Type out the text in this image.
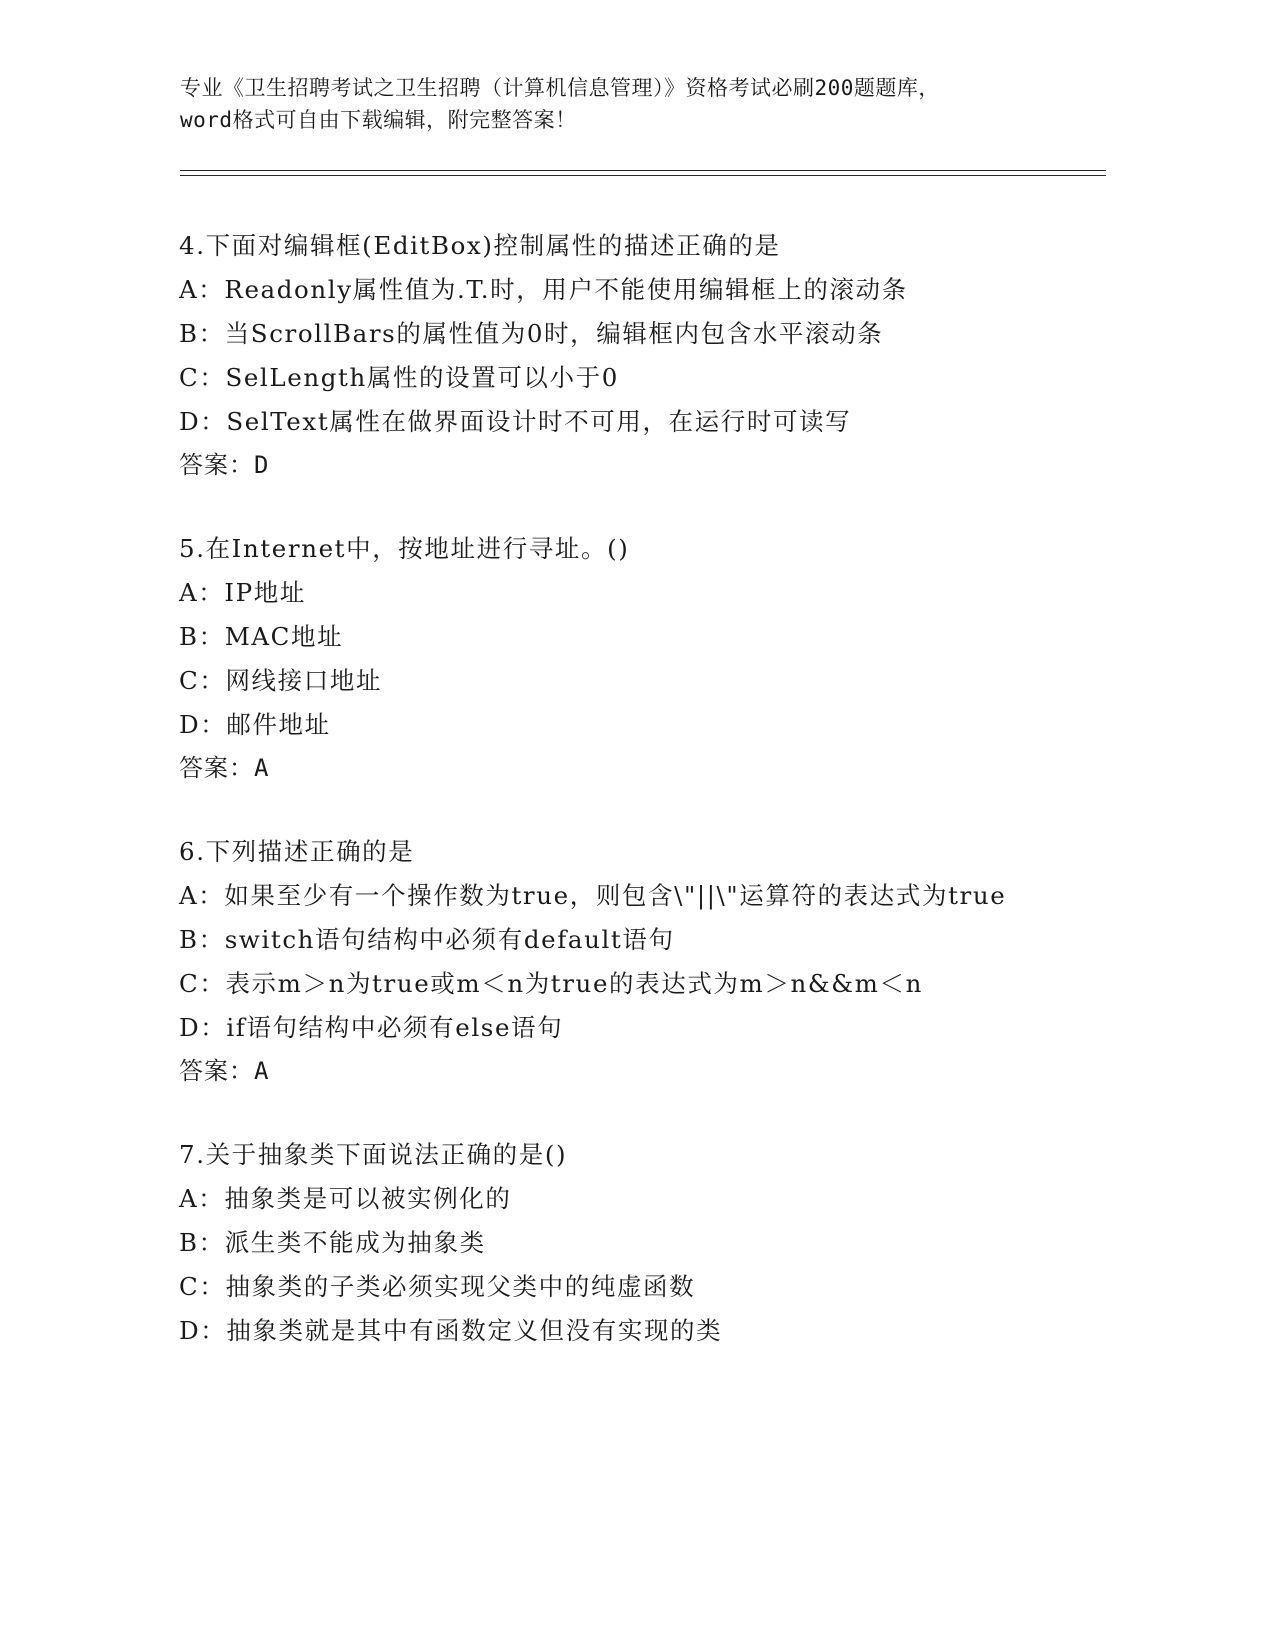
专业《卫生招聘考试之卫生招聘（计算机信息管理）》资格考试必刷200题题库，
word格式可自由下载编辑，附完整答案！
4.下面对编辑框(EditBox)控制属性的描述正确的是
A：Readonly属性值为.T.时，用户不能使用编辑框上的滚动条
B：当ScrollBars的属性值为0时，编辑框内包含水平滚动条
C：SelLength属性的设置可以小于0
D：SelText属性在做界面设计时不可用，在运行时可读写
答案：D
5.在Internet中，按地址进行寻址。()
A：IP地址
B：MAC地址
C：网线接口地址
D：邮件地址
答案：A
6.下列描述正确的是
A：如果至少有一个操作数为true，则包含\"||\"运算符的表达式为true
B：switch语句结构中必须有default语句
C：表示m＞n为true或m＜n为true的表达式为m＞n&&m＜n
D：if语句结构中必须有else语句
答案：A
7.关于抽象类下面说法正确的是()
A：抽象类是可以被实例化的
B：派生类不能成为抽象类
C：抽象类的子类必须实现父类中的纯虚函数
D：抽象类就是其中有函数定义但没有实现的类
